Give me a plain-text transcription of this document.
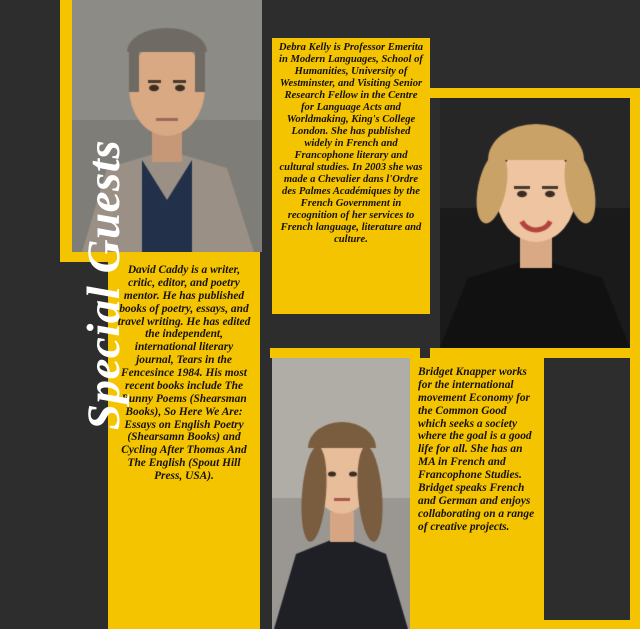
Debra Kelly is Professor Emerita in Modern Languages, School of Humanities, University of Westminster, and Visiting Senior Research Fellow in the Centre for Language Acts and Worldmaking, King's College London. She has published widely in French and Francophone literary and cultural studies. In 2003 she was made a Chevalier dans l'Ordre des Palmes Académiques by the French Government in recognition of her services to French language, literature and culture.
David Caddy is a writer, critic, editor, and poetry mentor. He has published books of poetry, essays, and travel writing. He has edited the independent, international literary journal, Tears in the Fencesince 1984. His most recent books include The Bunny Poems (Shearsman Books), So Here We Are: Essays on English Poetry (Shearsamn Books) and Cycling After Thomas And The English (Spout Hill Press, USA).
Bridget Knapper works for the international movement Economy for the Common Good which seeks a society where the goal is a good life for all. She has an MA in French and Francophone Studies. Bridget speaks French and German and enjoys collaborating on a range of creative projects.
Special Guests
